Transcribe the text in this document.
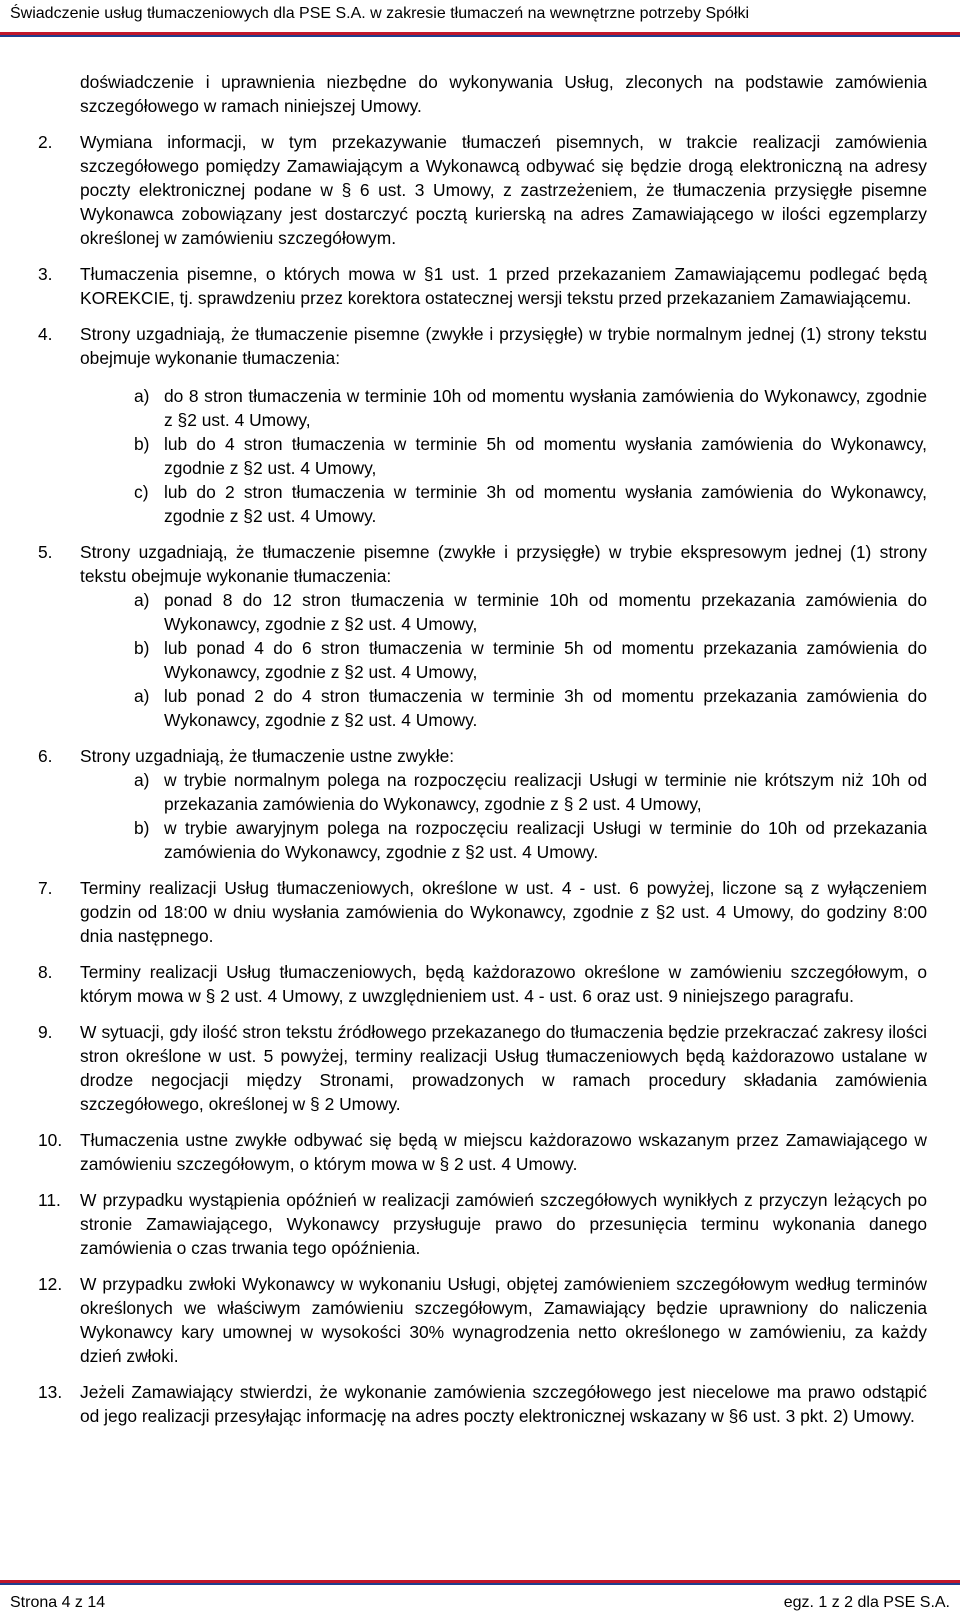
Świadczenie usług tłumaczeniowych dla PSE S.A. w zakresie tłumaczeń na wewnętrzne potrzeby Spółki
doświadczenie i uprawnienia niezbędne do wykonywania Usług, zleconych na podstawie zamówienia szczegółowego w ramach niniejszej Umowy.
2.	Wymiana informacji, w tym przekazywanie tłumaczeń pisemnych, w trakcie realizacji zamówienia szczegółowego pomiędzy Zamawiającym a Wykonawcą odbywać się będzie drogą elektroniczną na adresy poczty elektronicznej podane w § 6 ust. 3 Umowy, z zastrzeżeniem, że tłumaczenia przysięgłe pisemne Wykonawca zobowiązany jest dostarczyć pocztą kurierską na adres Zamawiającego w ilości egzemplarzy określonej w zamówieniu szczegółowym.
3.	Tłumaczenia pisemne, o których mowa w §1 ust. 1 przed przekazaniem Zamawiającemu podlegać będą KOREKCIE, tj. sprawdzeniu przez korektora ostatecznej wersji tekstu przed przekazaniem Zamawiającemu.
4.	Strony uzgadniają, że tłumaczenie pisemne (zwykłe i przysięgłe) w trybie normalnym jednej (1) strony tekstu obejmuje wykonanie tłumaczenia:
a) do 8 stron tłumaczenia w terminie 10h od momentu wysłania zamówienia do Wykonawcy, zgodnie z §2 ust. 4 Umowy,
b) lub do 4 stron tłumaczenia w terminie 5h od momentu wysłania zamówienia do Wykonawcy, zgodnie z §2 ust. 4 Umowy,
c) lub do 2 stron tłumaczenia w terminie 3h od momentu wysłania zamówienia do Wykonawcy, zgodnie z §2 ust. 4 Umowy.
5.	Strony uzgadniają, że tłumaczenie pisemne (zwykłe i przysięgłe) w trybie ekspresowym jednej (1) strony tekstu obejmuje wykonanie tłumaczenia:
a) ponad 8 do 12 stron tłumaczenia w terminie 10h od momentu przekazania zamówienia do Wykonawcy, zgodnie z §2 ust. 4 Umowy,
b) lub ponad 4 do 6 stron tłumaczenia w terminie 5h od momentu przekazania zamówienia do Wykonawcy, zgodnie z §2 ust. 4 Umowy,
a) lub ponad 2 do 4 stron tłumaczenia w terminie 3h od momentu przekazania zamówienia do Wykonawcy, zgodnie z §2 ust. 4 Umowy.
6.	Strony uzgadniają, że tłumaczenie ustne zwykłe:
a) w trybie normalnym polega na rozpoczęciu realizacji Usługi w terminie nie krótszym niż 10h od przekazania zamówienia do Wykonawcy, zgodnie z § 2 ust. 4 Umowy,
b) w trybie awaryjnym polega na rozpoczęciu realizacji Usługi w terminie do 10h od przekazania zamówienia do Wykonawcy, zgodnie z §2 ust. 4 Umowy.
7.	Terminy realizacji Usług tłumaczeniowych, określone w ust. 4 - ust. 6 powyżej, liczone są z wyłączeniem godzin od 18:00 w dniu wysłania zamówienia do Wykonawcy, zgodnie z §2 ust. 4 Umowy, do godziny 8:00 dnia następnego.
8.	Terminy realizacji Usług tłumaczeniowych, będą każdorazowo określone w zamówieniu szczegółowym, o którym mowa w § 2 ust. 4 Umowy, z uwzględnieniem ust. 4 - ust. 6 oraz ust. 9 niniejszego paragrafu.
9.	W sytuacji, gdy ilość stron tekstu źródłowego przekazanego do tłumaczenia będzie przekraczać zakresy ilości stron określone w ust. 5 powyżej, terminy realizacji Usług tłumaczeniowych będą każdorazowo ustalane w drodze negocjacji między Stronami, prowadzonych w ramach procedury składania zamówienia szczegółowego, określonej w § 2 Umowy.
10.	Tłumaczenia ustne zwykłe odbywać się będą w miejscu każdorazowo wskazanym przez Zamawiającego w zamówieniu szczegółowym, o którym mowa w § 2 ust. 4 Umowy.
11.	W przypadku wystąpienia opóźnień w realizacji zamówień szczegółowych wynikłych z przyczyn leżących po stronie Zamawiającego, Wykonawcy przysługuje prawo do przesunięcia terminu wykonania danego zamówienia o czas trwania tego opóźnienia.
12.	W przypadku zwłoki Wykonawcy w wykonaniu Usługi, objętej zamówieniem szczegółowym według terminów określonych we właściwym zamówieniu szczegółowym, Zamawiający będzie uprawniony do naliczenia Wykonawcy kary umownej w wysokości 30% wynagrodzenia netto określonego w zamówieniu, za każdy dzień zwłoki.
13.	Jeżeli Zamawiający stwierdzi, że wykonanie zamówienia szczegółowego jest niecelowe ma prawo odstąpić od jego realizacji przesyłając informację na adres poczty elektronicznej wskazany w §6 ust. 3 pkt. 2) Umowy.
Strona 4 z 14	egz. 1 z 2 dla PSE S.A.
